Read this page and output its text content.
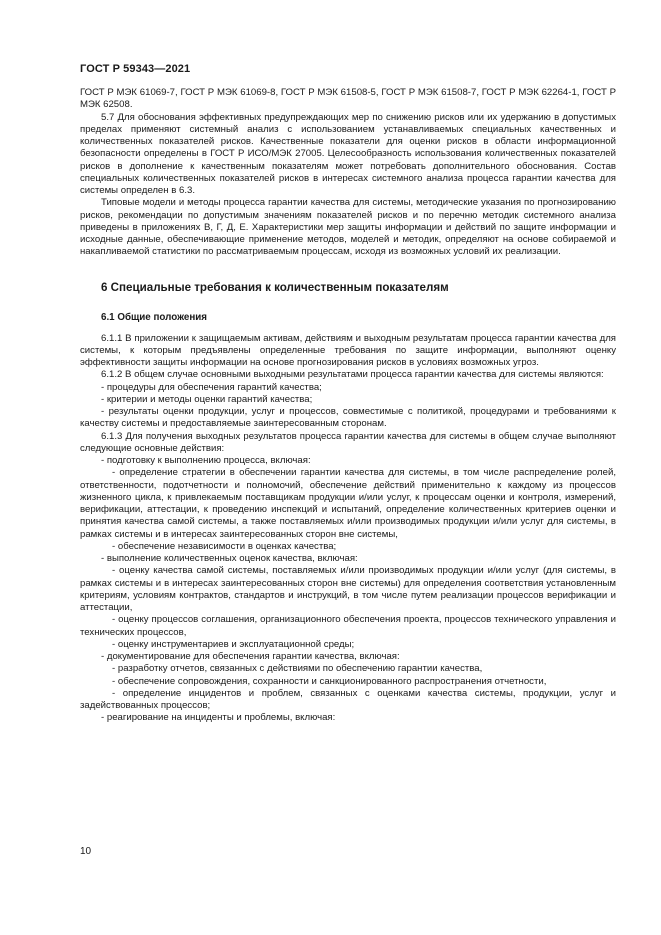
ГОСТ Р 59343—2021

ГОСТ Р МЭК 61069-7, ГОСТ Р МЭК 61069-8, ГОСТ Р МЭК 61508-5, ГОСТ Р МЭК 61508-7, ГОСТ Р МЭК 62264-1, ГОСТ Р МЭК 62508.

5.7 Для обоснования эффективных предупреждающих мер по снижению рисков или их удержанию в допустимых пределах применяют системный анализ с использованием устанавливаемых специальных качественных и количественных показателей рисков. Качественные показатели для оценки рисков в области информационной безопасности определены в ГОСТ Р ИСО/МЭК 27005. Целесообразность использования количественных показателей рисков в дополнение к качественным показателям может потребовать дополнительного обоснования. Состав специальных количественных показателей рисков в интересах системного анализа процесса гарантии качества для системы определен в 6.3.

Типовые модели и методы процесса гарантии качества для системы, методические указания по прогнозированию рисков, рекомендации по допустимым значениям показателей рисков и по перечню методик системного анализа приведены в приложениях В, Г, Д, Е. Характеристики мер защиты информации и действий по защите информации и исходные данные, обеспечивающие применение методов, моделей и методик, определяют на основе собираемой и накапливаемой статистики по рассматриваемым процессам, исходя из возможных условий их реализации.

6 Специальные требования к количественным показателям
6.1 Общие положения

6.1.1 В приложении к защищаемым активам, действиям и выходным результатам процесса гарантии качества для системы, к которым предъявлены определенные требования по защите информации, выполняют оценку эффективности защиты информации на основе прогнозирования рисков в условиях возможных угроз.

6.1.2 В общем случае основными выходными результатами процесса гарантии качества для системы являются:

- процедуры для обеспечения гарантий качества;

- критерии и методы оценки гарантий качества;

- результаты оценки продукции, услуг и процессов, совместимые с политикой, процедурами и требованиями к качеству системы и предоставляемые заинтересованным сторонам.

6.1.3 Для получения выходных результатов процесса гарантии качества для системы в общем случае выполняют следующие основные действия:

- подготовку к выполнению процесса, включая:

- определение стратегии в обеспечении гарантии качества для системы, в том числе распределение ролей, ответственности, подотчетности и полномочий, обеспечение действий применительно к каждому из процессов жизненного цикла, к привлекаемым поставщикам продукции и/или услуг, к процессам оценки и контроля, измерений, верификации, аттестации, к проведению инспекций и испытаний, определение количественных критериев оценки и принятия качества самой системы, а также поставляемых и/или производимых продукции и/или услуг для системы, в рамках системы и в интересах заинтересованных сторон вне системы,

- обеспечение независимости в оценках качества;

- выполнение количественных оценок качества, включая:

- оценку качества самой системы, поставляемых и/или производимых продукции и/или услуг (для системы, в рамках системы и в интересах заинтересованных сторон вне системы) для определения соответствия установленным критериям, условиям контрактов, стандартов и инструкций, в том числе путем реализации процессов верификации и аттестации,

- оценку процессов соглашения, организационного обеспечения проекта, процессов технического управления и технических процессов,

- оценку инструментариев и эксплуатационной среды;

- документирование для обеспечения гарантии качества, включая:

- разработку отчетов, связанных с действиями по обеспечению гарантии качества,

- обеспечение сопровождения, сохранности и санкционированного распространения отчетности,

- определение инцидентов и проблем, связанных с оценками качества системы, продукции, услуг и задействованных процессов;

- реагирование на инциденты и проблемы, включая:

10
